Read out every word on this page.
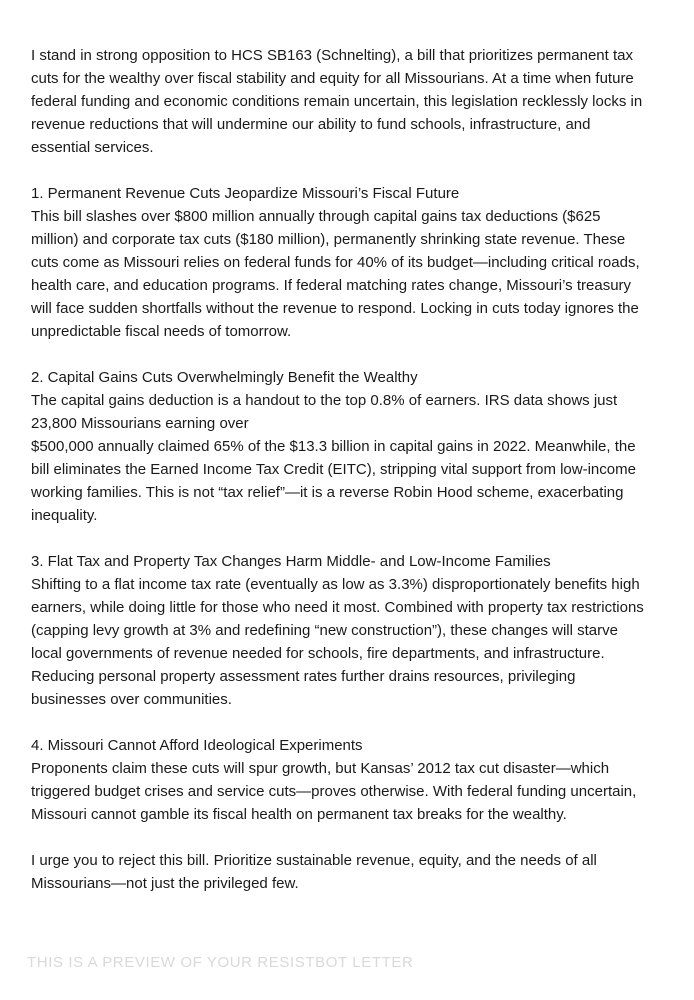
I stand in strong opposition to HCS SB163 (Schnelting), a bill that prioritizes permanent tax
cuts for the wealthy over fiscal stability and equity for all Missourians. At a time when future
federal funding and economic conditions remain uncertain, this legislation recklessly locks in
revenue reductions that will undermine our ability to fund schools, infrastructure, and
essential services.

1. Permanent Revenue Cuts Jeopardize Missouri’s Fiscal Future
This bill slashes over $800 million annually through capital gains tax deductions ($625
million) and corporate tax cuts ($180 million), permanently shrinking state revenue. These
cuts come as Missouri relies on federal funds for 40% of its budget—including critical roads,
health care, and education programs. If federal matching rates change, Missouri’s treasury
will face sudden shortfalls without the revenue to respond. Locking in cuts today ignores the
unpredictable fiscal needs of tomorrow.

2. Capital Gains Cuts Overwhelmingly Benefit the Wealthy
The capital gains deduction is a handout to the top 0.8% of earners. IRS data shows just
23,800 Missourians earning over
$500,000 annually claimed 65% of the $13.3 billion in capital gains in 2022. Meanwhile, the
bill eliminates the Earned Income Tax Credit (EITC), stripping vital support from low-income
working families. This is not “tax relief”—it is a reverse Robin Hood scheme, exacerbating
inequality.

3. Flat Tax and Property Tax Changes Harm Middle- and Low-Income Families
Shifting to a flat income tax rate (eventually as low as 3.3%) disproportionately benefits high
earners, while doing little for those who need it most. Combined with property tax restrictions
(capping levy growth at 3% and redefining “new construction”), these changes will starve
local governments of revenue needed for schools, fire departments, and infrastructure.
Reducing personal property assessment rates further drains resources, privileging
businesses over communities.

4. Missouri Cannot Afford Ideological Experiments
Proponents claim these cuts will spur growth, but Kansas’ 2012 tax cut disaster—which
triggered budget crises and service cuts—proves otherwise. With federal funding uncertain,
Missouri cannot gamble its fiscal health on permanent tax breaks for the wealthy.

I urge you to reject this bill. Prioritize sustainable revenue, equity, and the needs of all
Missourians—not just the privileged few.

THIS IS A PREVIEW OF YOUR RESISTBOT LETTER
